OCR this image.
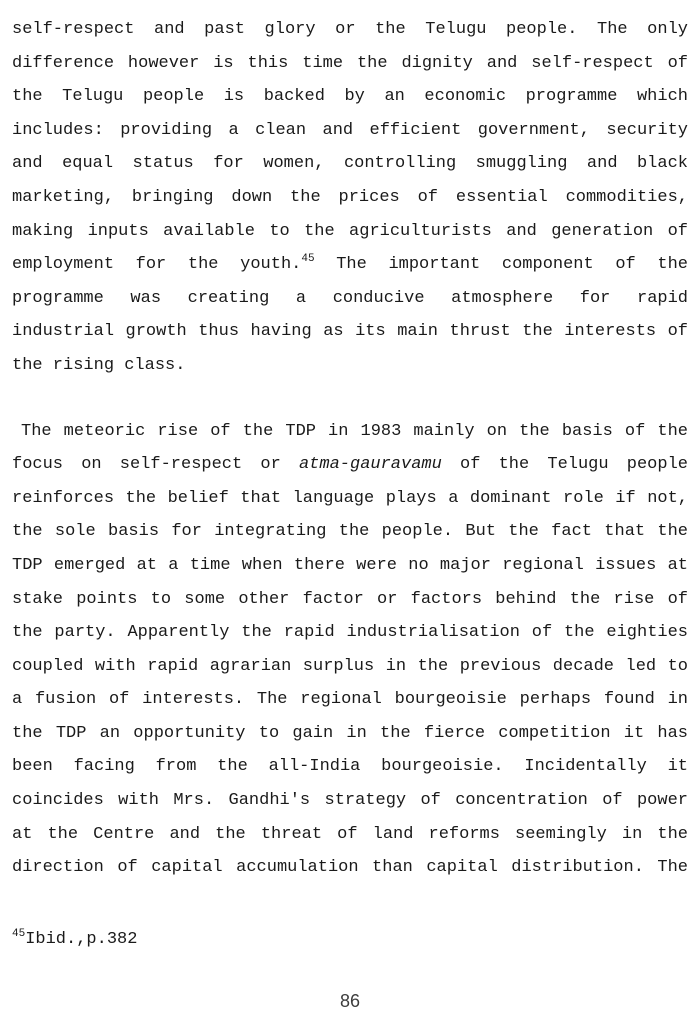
self-respect and past glory or the Telugu people. The only
difference however is this time the dignity and self-respect of
the Telugu people is backed by an economic programme which
includes: providing a clean and efficient government, security
and equal status for women, controlling smuggling and black
marketing, bringing down the prices of essential commodities,
making inputs available to the agriculturists and generation of
employment for the youth.$^{45}$ The important component of the
programme was creating a conducive atmosphere for rapid
industrial growth thus having as its main thrust the interests of
the rising class.
The meteoric rise of the TDP in 1983 mainly on the basis of the
focus on self-respect or atma-gauravamu of the Telugu people
reinforces the belief that language plays a dominant role if not,
the sole basis for integrating the people. But the fact that the
TDP emerged at a time when there were no major regional issues at
stake points to some other factor or factors behind the rise of
the party. Apparently the rapid industrialisation of the eighties
coupled with rapid agrarian surplus in the previous decade led to
a fusion of interests. The regional bourgeoisie perhaps found in
the TDP an opportunity to gain in the fierce competition it has
been facing from the all-India bourgeoisie. Incidentally it
coincides with Mrs. Gandhi's strategy of concentration of power
at the Centre and the threat of land reforms seemingly in the
direction of capital accumulation than capital distribution. The
$^{45}$Ibid.,p.382
86
